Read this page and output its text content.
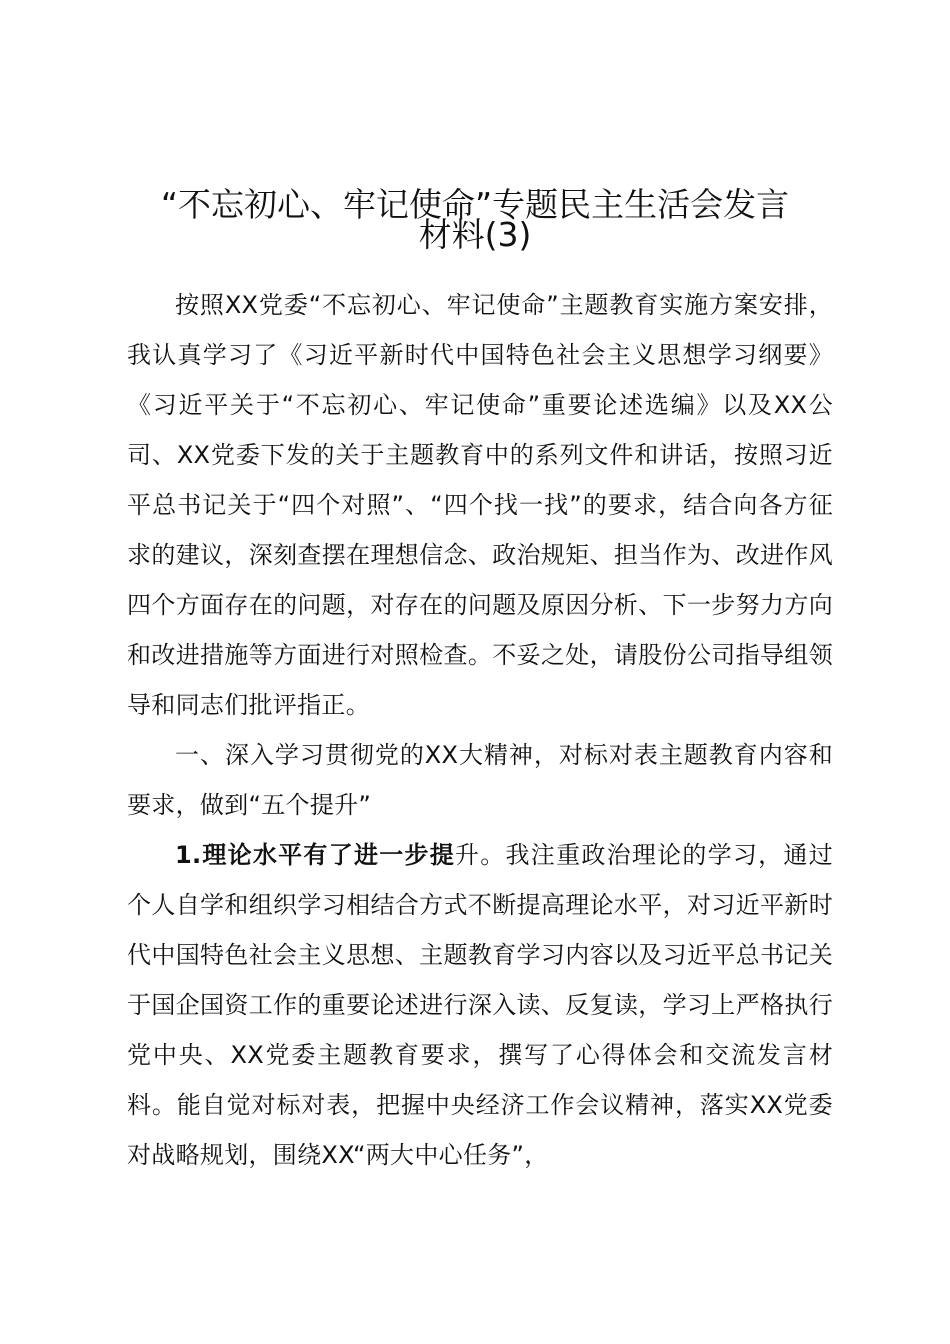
“不忘初心、牢记使命”专题民主生活会发言
材料(3)

按照XX党委“不忘初心、牢记使命”主题教育实施方案安排，我认真学习了《习近平新时代中国特色社会主义思想学习纲要》《习近平关于“不忘初心、牢记使命”重要论述选编》以及XX公司、XX党委下发的关于主题教育中的系列文件和讲话，按照习近平总书记关于“四个对照”、“四个找一找”的要求，结合向各方征求的建议，深刻查摆在理想信念、政治规矩、担当作为、改进作风四个方面存在的问题，对存在的问题及原因分析、下一步努力方向和改进措施等方面进行对照检查。不妥之处，请股份公司指导组领导和同志们批评指正。

一、深入学习贯彻党的XX大精神，对标对表主题教育内容和要求，做到“五个提升”

1.理论水平有了进一步提升。我注重政治理论的学习，通过个人自学和组织学习相结合方式不断提高理论水平，对习近平新时代中国特色社会主义思想、主题教育学习内容以及习近平总书记关于国企国资工作的重要论述进行深入读、反复读，学习上严格执行党中央、XX党委主题教育要求，撰写了心得体会和交流发言材料。能自觉对标对表，把握中央经济工作会议精神，落实XX党委对战略规划，围绕XX“两大中心任务”，
